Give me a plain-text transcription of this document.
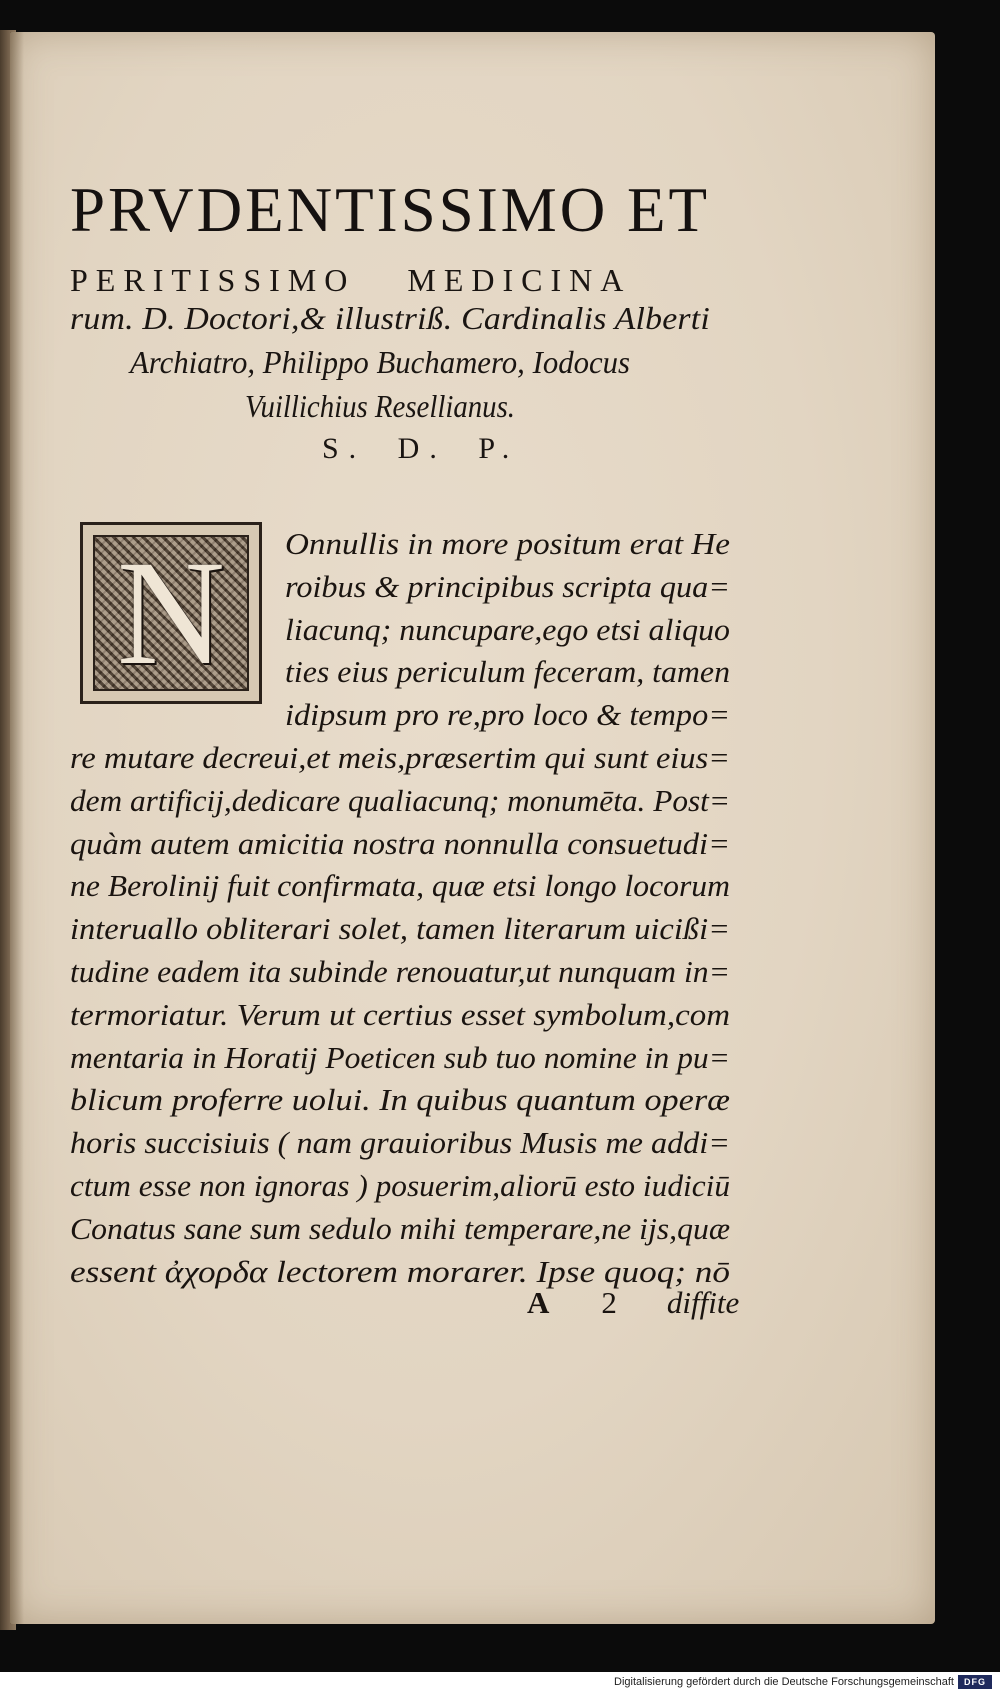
PRVDENTISSIMO ET
PERITISSIMO MEDICINA
rum. D. Doctori,& illustriß. Cardinalis Alberti
Archiatro, Philippo Buchamero, Iodocus
Vuillichius Resellianus.
S. D. P.
N	Onnullis in more positum erat He
roibus & principibus scripta qua=
liacunq; nuncupare,ego etsi aliquo
ties eius periculum feceram, tamen
idipsum pro re,pro loco & tempo=
re mutare decreui,et meis,præsertim qui sunt eius=
dem artificij,dedicare qualiacunq; monumēta. Post=
quàm autem amicitia nostra nonnulla consuetudi=
ne Berolinij fuit confirmata, quæ etsi longo locorum
interuallo obliterari solet, tamen literarum uicißi=
tudine eadem ita subinde renouatur,ut nunquam in=
termoriatur. Verum ut certius esset symbolum,com
mentaria in Horatij Poeticen sub tuo nomine in pu=
blicum proferre uolui. In quibus quantum operæ
horis succisiuis ( nam grauioribus Musis me addi=
ctum esse non ignoras ) posuerim,aliorū esto iudiciū
Conatus sane sum sedulo mihi temperare,ne ijs,quæ
essent ἀχορδα lectorem morarer. Ipse quoq; nō
A 2 diffite
Digitalisierung gefördert durch die Deutsche Forschungsgemeinschaft	DFG
